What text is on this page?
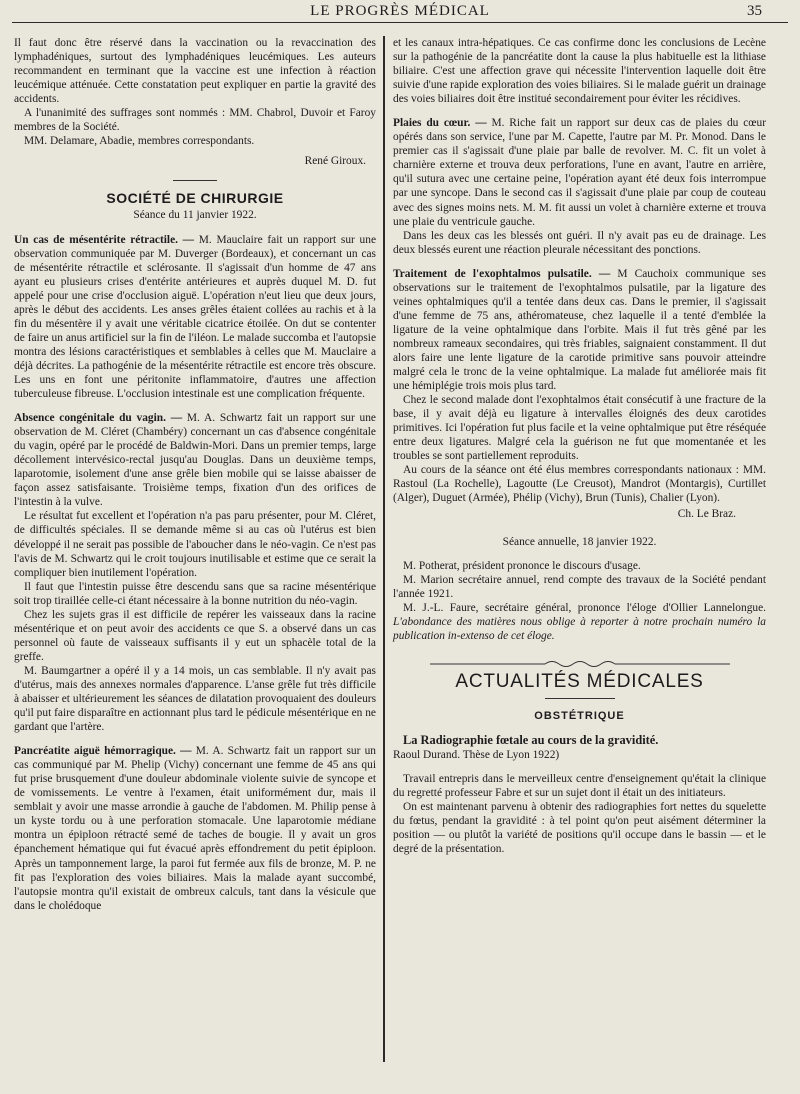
LE PROGRÈS MÉDICAL	35

Il faut donc être réservé dans la vaccination ou la revaccination des lymphadéniques, surtout des lymphadéniques leucémiques. Les auteurs recommandent en terminant que la vaccine est une infection à réaction leucémique atténuée. Cette constatation peut expliquer en partie la gravité des accidents.

A l'unanimité des suffrages sont nommés : MM. Chabrol, Duvoir et Faroy membres de la Société.

MM. Delamare, Abadie, membres correspondants.

René Giroux.
SOCIÉTÉ DE CHIRURGIE
Séance du 11 janvier 1922.

Un cas de mésentérite rétractile. — M. Mauclaire fait un rapport sur une observation communiquée par M. Duverger (Bordeaux), et concernant un cas de mésentérite rétractile et sclérosante. Il s'agissait d'un homme de 47 ans ayant eu plusieurs crises d'entérite antérieures et auprès duquel M. D. fut appelé pour une crise d'occlusion aiguë. L'opération n'eut lieu que deux jours, après le début des accidents. Les anses grêles étaient collées au rachis et à la fin du mésentère il y avait une véritable cicatrice étoilée. On dut se contenter de faire un anus artificiel sur la fin de l'iléon. Le malade succomba et l'autopsie montra des lésions caractéristiques et semblables à celles que M. Mauclaire a déjà décrites. La pathogénie de la mésentérite rétractile est encore très obscure. Les uns en font une péritonite inflammatoire, d'autres une affection tuberculeuse fibreuse. L'occlusion intestinale est une complication fréquente.

Absence congénitale du vagin. — M. A. Schwartz fait un rapport sur une observation de M. Cléret (Chambéry) concernant un cas d'absence congénitale du vagin, opéré par le procédé de Baldwin-Mori. Dans un premier temps, large décollement intervésico-rectal jusqu'au Douglas. Dans un deuxième temps, laparotomie, isolement d'une anse grêle bien mobile qui se laisse abaisser de façon assez satisfaisante. Troisième temps, fixation d'un des orifices de l'intestin à la vulve.

Le résultat fut excellent et l'opération n'a pas paru présenter, pour M. Cléret, de difficultés spéciales. Il se demande même si au cas où l'utérus est bien développé il ne serait pas possible de l'aboucher dans le néo-vagin. Ce n'est pas l'avis de M. Schwartz qui le croit toujours inutilisable et estime que ce serait la compliquer bien inutilement l'opération.

Il faut que l'intestin puisse être descendu sans que sa racine mésentérique soit trop tiraillée celle-ci étant nécessaire à la bonne nutrition du néo-vagin.

Chez les sujets gras il est difficile de repérer les vaisseaux dans la racine mésentérique et on peut avoir des accidents ce que S. a observé dans un cas personnel où faute de vaisseaux suffisants il y eut un sphacèle total de la greffe.

M. Baumgartner a opéré il y a 14 mois, un cas semblable. Il n'y avait pas d'utérus, mais des annexes normales d'apparence. L'anse grêle fut très difficile à abaisser et ultérieurement les séances de dilatation provoquaient des douleurs qu'il put faire disparaître en actionnant plus tard le pédicule mésentérique en ne gardant que l'artère.

Pancréatite aiguë hémorragique. — M. A. Schwartz fait un rapport sur un cas communiqué par M. Phelip (Vichy) concernant une femme de 45 ans qui fut prise brusquement d'une douleur abdominale violente suivie de syncope et de vomissements. Le ventre à l'examen, était uniformément dur, mais il semblait y avoir une masse arrondie à gauche de l'abdomen. M. Philip pense à un kyste tordu ou à une perforation stomacale. Une laparotomie médiane montra un épiploon rétracté semé de taches de bougie. Il y avait un gros épanchement hématique qui fut évacué après effondrement du petit épiploon. Après un tamponnement large, la paroi fut fermée aux fils de bronze, M. P. ne fit pas l'exploration des voies biliaires. Mais la malade ayant succombé, l'autopsie montra qu'il existait de ombreux calculs, tant dans la vésicule que dans le cholédoque

et les canaux intra-hépatiques. Ce cas confirme donc les conclusions de Lecène sur la pathogénie de la pancréatite dont la cause la plus habituelle est la lithiase biliaire. C'est une affection grave qui nécessite l'intervention laquelle doit être suivie d'une rapide exploration des voies biliaires. Si le malade guérit un drainage des voies biliaires doit être institué secondairement pour éviter les récidives.

Plaies du cœur. — M. Riche fait un rapport sur deux cas de plaies du cœur opérés dans son service, l'une par M. Capette, l'autre par M. Pr. Monod. Dans le premier cas il s'agissait d'une plaie par balle de revolver. M. C. fit un volet à charnière externe et trouva deux perforations, l'une en avant, l'autre en arrière, qu'il sutura avec une certaine peine, l'opération ayant été deux fois interrompue par une syncope. Dans le second cas il s'agissait d'une plaie par coup de couteau avec des signes moins nets. M. M. fit aussi un volet à charnière externe et trouva une plaie du ventricule gauche.

Dans les deux cas les blessés ont guéri. Il n'y avait pas eu de drainage. Les deux blessés eurent une réaction pleurale nécessitant des ponctions.

Traitement de l'exophtalmos pulsatile. — M Cauchoix communique ses observations sur le traitement de l'exophtalmos pulsatile, par la ligature des veines ophtalmiques qu'il a tentée dans deux cas. Dans le premier, il s'agissait d'une femme de 75 ans, athéromateuse, chez laquelle il a tenté d'emblée la ligature de la veine ophtalmique dans l'orbite. Mais il fut très gêné par les nombreux rameaux secondaires, qui très friables, saignaient constamment. Il dut alors faire une lente ligature de la carotide primitive sans pouvoir atteindre malgré cela le tronc de la veine ophtalmique. La malade fut améliorée mais fit une hémiplégie trois mois plus tard.

Chez le second malade dont l'exophtalmos était consécutif à une fracture de la base, il y avait déjà eu ligature à intervalles éloignés des deux carotides primitives. Ici l'opération fut plus facile et la veine ophtalmique put être réséquée entre deux ligatures. Malgré cela la guérison ne fut que momentanée et les troubles se sont partiellement reproduits.

Au cours de la séance ont été élus membres correspondants nationaux : MM. Rastoul (La Rochelle), Lagoutte (Le Creusot), Mandrot (Montargis), Curtillet (Alger), Duguet (Armée), Phélip (Vichy), Brun (Tunis), Chalier (Lyon).

Ch. Le Braz.
Séance annuelle, 18 janvier 1922.

M. Potherat, président prononce le discours d'usage.

M. Marion secrétaire annuel, rend compte des travaux de la Société pendant l'année 1921.

M. J.-L. Faure, secrétaire général, prononce l'éloge d'Ollier Lannelongue. L'abondance des matières nous oblige à reporter à notre prochain numéro la publication in-extenso de cet éloge.

ACTUALITÉS MÉDICALES
OBSTÉTRIQUE

La Radiographie fœtale au cours de la gravidité.

Raoul Durand. Thèse de Lyon 1922)

Travail entrepris dans le merveilleux centre d'enseignement qu'était la clinique du regretté professeur Fabre et sur un sujet dont il était un des initiateurs.

On est maintenant parvenu à obtenir des radiographies fort nettes du squelette du fœtus, pendant la gravidité : à tel point qu'on peut aisément déterminer la position — ou plutôt la variété de positions qu'il occupe dans le bassin — et le degré de la présentation.
